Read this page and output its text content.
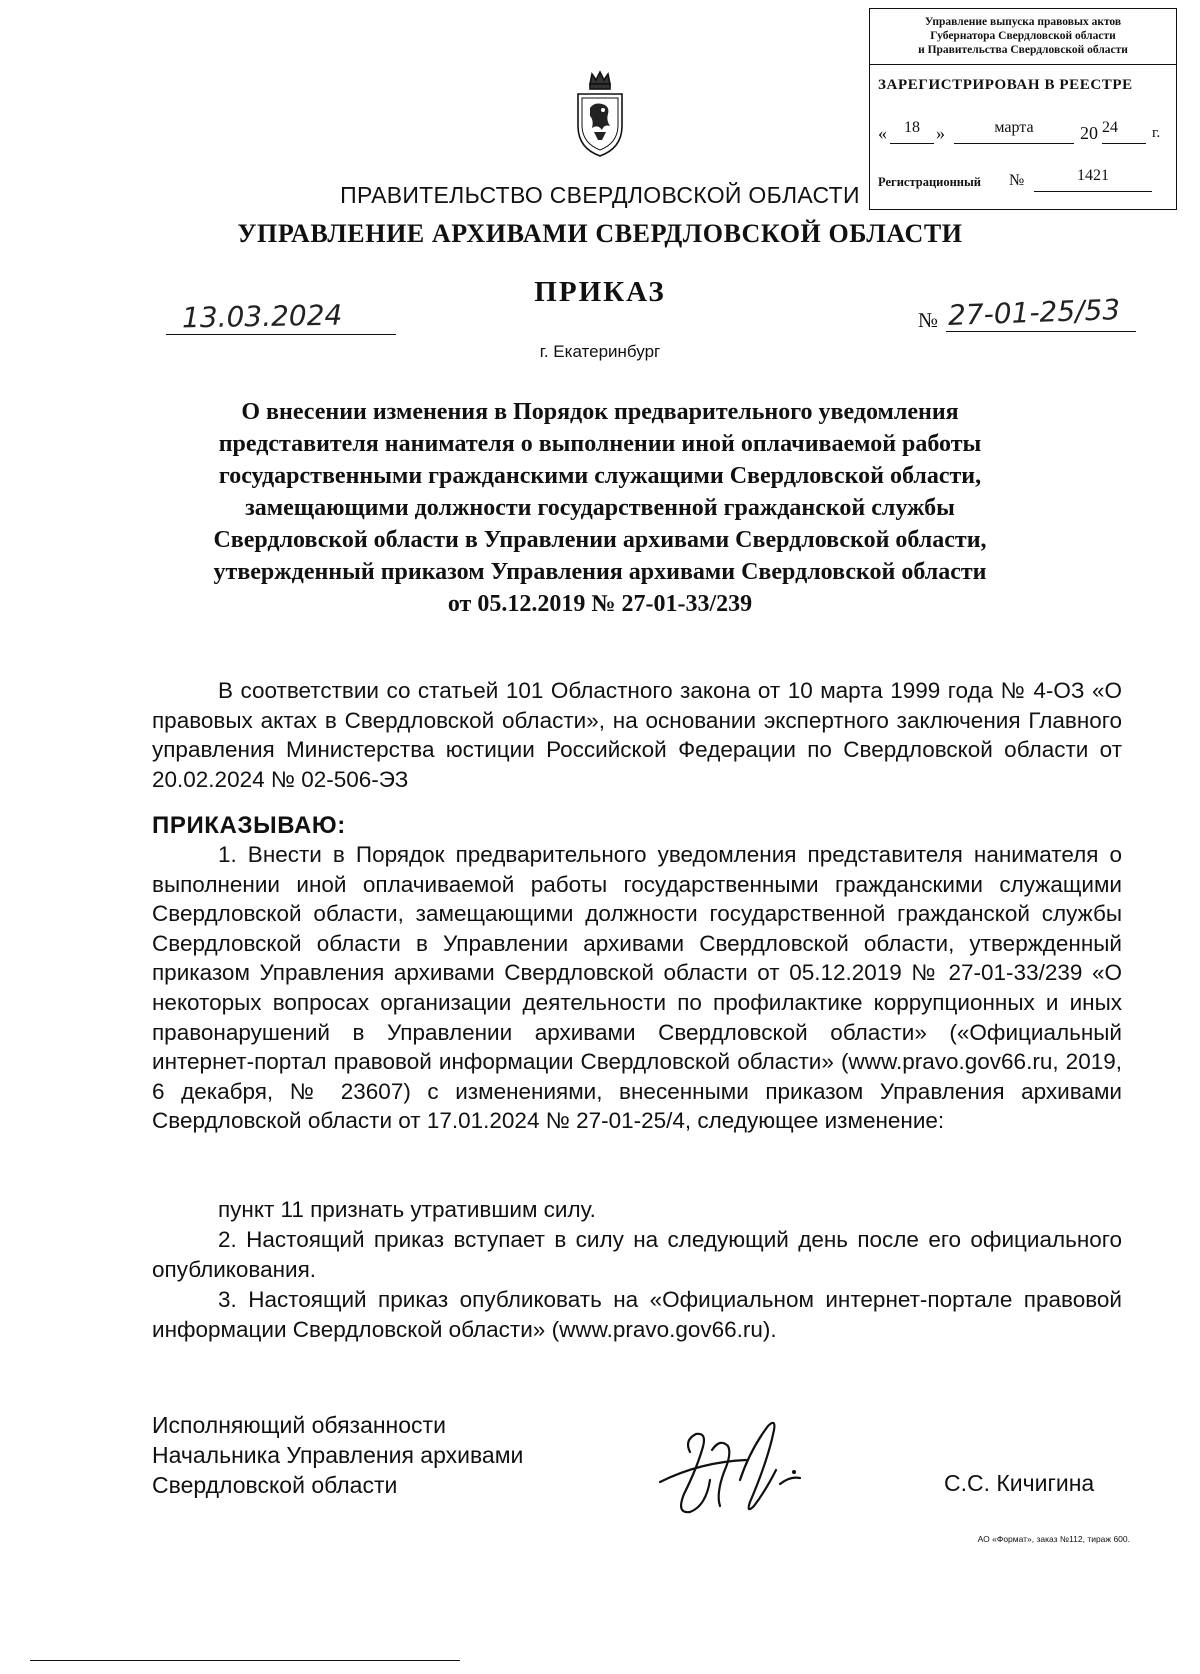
Управление выпуска правовых актов
Губернатора Свердловской области
и Правительства Свердловской области
ЗАРЕГИСТРИРОВАН В РЕЕСТРЕ
«	18 »	марта	20 24	г.
Регистрационный №	1421
ПРАВИТЕЛЬСТВО СВЕРДЛОВСКОЙ ОБЛАСТИ
УПРАВЛЕНИЕ АРХИВАМИ СВЕРДЛОВСКОЙ ОБЛАСТИ
ПРИКАЗ
13.03.2024	№ 27-01-25/53
г. Екатеринбург
О внесении изменения в Порядок предварительного уведомления
представителя нанимателя о выполнении иной оплачиваемой работы
государственными гражданскими служащими Свердловской области,
замещающими должности государственной гражданской службы
Свердловской области в Управлении архивами Свердловской области,
утвержденный приказом Управления архивами Свердловской области
от 05.12.2019 № 27-01-33/239
В соответствии со статьей 101 Областного закона от 10 марта 1999 года № 4-ОЗ «О правовых актах в Свердловской области», на основании экспертного заключения Главного управления Министерства юстиции Российской Федерации по Свердловской области от 20.02.2024 № 02-506-ЭЗ
ПРИКАЗЫВАЮ:
1. Внести в Порядок предварительного уведомления представителя нанимателя о выполнении иной оплачиваемой работы государственными гражданскими служащими Свердловской области, замещающими должности государственной гражданской службы Свердловской области в Управлении архивами Свердловской области, утвержденный приказом Управления архивами Свердловской области от 05.12.2019 № 27-01-33/239 «О некоторых вопросах организации деятельности по профилактике коррупционных и иных правонарушений в Управлении архивами Свердловской области» («Официальный интернет-портал правовой информации Свердловской области» (www.pravo.gov66.ru, 2019, 6 декабря, № 23607) с изменениями, внесенными приказом Управления архивами Свердловской области от 17.01.2024 № 27-01-25/4, следующее изменение:
пункт 11 признать утратившим силу.
2. Настоящий приказ вступает в силу на следующий день после его официального опубликования.
3. Настоящий приказ опубликовать на «Официальном интернет-портале правовой информации Свердловской области» (www.pravo.gov66.ru).
Исполняющий обязанности
Начальника Управления архивами
Свердловской области	С.С. Кичигина
АО «Формат», заказ №112, тираж 600.
